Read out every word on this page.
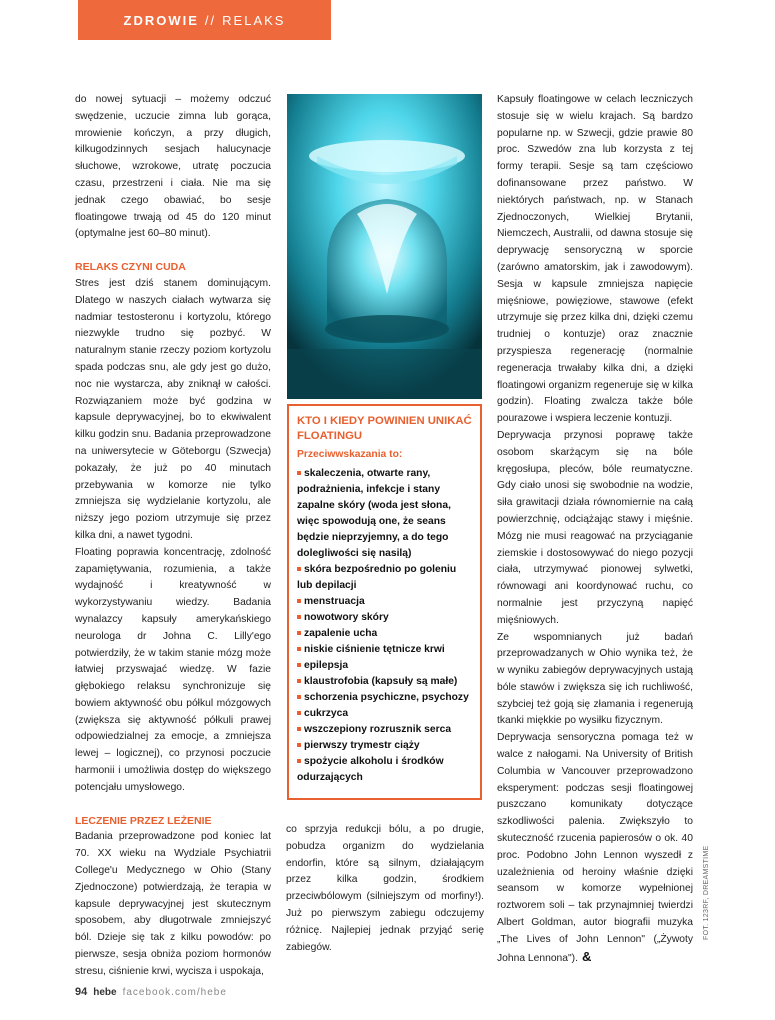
ZDROWIE // RELAKS

do nowej sytuacji – możemy odczuć swędzenie, uczucie zimna lub gorąca, mrowienie kończyn, a przy długich, kilkugodzinnych sesjach halucynacje słuchowe, wzrokowe, utratę poczucia czasu, przestrzeni i ciała. Nie ma się jednak czego obawiać, bo sesje floatingowe trwają od 45 do 120 minut (optymalne jest 60–80 minut).

RELAKS CZYNI CUDA

Stres jest dziś stanem dominującym. Dlatego w naszych ciałach wytwarza się nadmiar testosteronu i kortyzolu, którego niezwykle trudno się pozbyć. W naturalnym stanie rzeczy poziom kortyzolu spada podczas snu, ale gdy jest go dużo, noc nie wystarcza, aby zniknął w całości. Rozwiązaniem może być godzina w kapsule deprywacyjnej, bo to ekwiwalent kilku godzin snu. Badania przeprowadzone na uniwersytecie w Göteborgu (Szwecja) pokazały, że już po 40 minutach przebywania w komorze nie tylko zmniejsza się wydzielanie kortyzolu, ale niższy jego poziom utrzymuje się przez kilka dni, a nawet tygodni.

Floating poprawia koncentrację, zdolność zapamiętywania, rozumienia, a także wydajność i kreatywność w wykorzystywaniu wiedzy. Badania wynalazcy kapsuły amerykańskiego neurologa dr Johna C. Lilly'ego potwierdziły, że w takim stanie mózg może łatwiej przyswajać wiedzę. W fazie głębokiego relaksu synchronizuje się bowiem aktywność obu półkul mózgowych (zwiększa się aktywność półkuli prawej odpowiedzialnej za emocje, a zmniejsza lewej – logicznej), co przynosi poczucie harmonii i umożliwia dostęp do większego potencjału umysłowego.

LECZENIE PRZEZ LEŻENIE

Badania przeprowadzone pod koniec lat 70. XX wieku na Wydziale Psychiatrii College'u Medycznego w Ohio (Stany Zjednoczone) potwierdzają, że terapia w kapsule deprywacyjnej jest skutecznym sposobem, aby długotrwale zmniejszyć ból. Dzieje się tak z kilku powodów: po pierwsze, sesja obniża poziom hormonów stresu, ciśnienie krwi, wycisza i uspokaja,

KTO I KIEDY POWINIEN UNIKAĆ FLOATINGU

Przeciwwskazania to:

skaleczenia, otwarte rany, podrażnienia, infekcje i stany zapalne skóry (woda jest słona, więc spowodują one, że seans będzie nieprzyjemny, a do tego dolegliwości się nasilą)
skóra bezpośrednio po goleniu lub depilacji
menstruacja
nowotwory skóry
zapalenie ucha
niskie ciśnienie tętnicze krwi
epilepsja
klaustrofobia (kapsuły są małe)
schorzenia psychiczne, psychozy
cukrzyca
wszczepiony rozrusznik serca
pierwszy trymestr ciąży
spożycie alkoholu i środków odurzających

co sprzyja redukcji bólu, a po drugie, pobudza organizm do wydzielania endorfin, które są silnym, działającym przez kilka godzin, środkiem przeciwbólowym (silniejszym od morfiny!). Już po pierwszym zabiegu odczujemy różnicę. Najlepiej jednak przyjąć serię zabiegów.

Kapsuły floatingowe w celach leczniczych stosuje się w wielu krajach. Są bardzo popularne np. w Szwecji, gdzie prawie 80 proc. Szwedów zna lub korzysta z tej formy terapii. Sesje są tam częściowo dofinansowane przez państwo. W niektórych państwach, np. w Stanach Zjednoczonych, Wielkiej Brytanii, Niemczech, Australii, od dawna stosuje się deprywację sensoryczną w sporcie (zarówno amatorskim, jak i zawodowym). Sesja w kapsule zmniejsza napięcie mięśniowe, powięziowe, stawowe (efekt utrzymuje się przez kilka dni, dzięki czemu trudniej o kontuzje) oraz znacznie przyspiesza regenerację (normalnie regeneracja trwałaby kilka dni, a dzięki floatingowi organizm regeneruje się w kilka godzin). Floating zwalcza także bóle pourazowe i wspiera leczenie kontuzji.

Deprywacja przynosi poprawę także osobom skarżącym się na bóle kręgosłupa, pleców, bóle reumatyczne. Gdy ciało unosi się swobodnie na wodzie, siła grawitacji działa równomiernie na całą powierzchnię, odciążając stawy i mięśnie. Mózg nie musi reagować na przyciąganie ziemskie i dostosowywać do niego pozycji ciała, utrzymywać pionowej sylwetki, równowagi ani koordynować ruchu, co normalnie jest przyczyną napięć mięśniowych.

Ze wspomnianych już badań przeprowadzanych w Ohio wynika też, że w wyniku zabiegów deprywacyjnych ustają bóle stawów i zwiększa się ich ruchliwość, szybciej też goją się złamania i regenerują tkanki miękkie po wysiłku fizycznym.

Deprywacja sensoryczna pomaga też w walce z nałogami. Na University of British Columbia w Vancouver przeprowadzono eksperyment: podczas sesji floatingowej puszczano komunikaty dotyczące szkodliwości palenia. Zwiększyło to skuteczność rzucenia papierosów o ok. 40 proc. Podobno John Lennon wyszedł z uzależnienia od heroiny właśnie dzięki seansom w komorze wypełnionej roztworem soli – tak przynajmniej twierdzi Albert Goldman, autor biografii muzyka „The Lives of John Lennon" („Żywoty Johna Lennona"). &

FOT. 123RF, DREAMSTIME
94 hebe facebook.com/hebe
